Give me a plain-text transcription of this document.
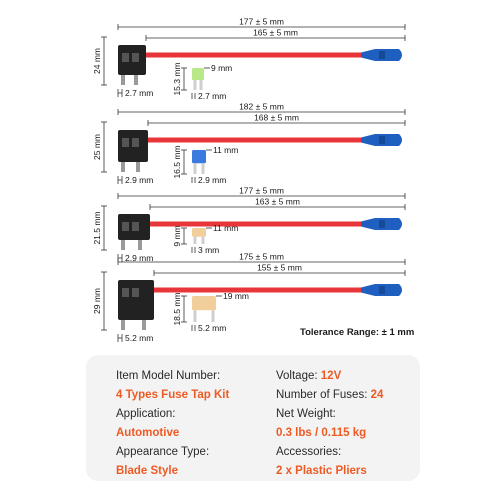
177 ± 5 mm
165 ± 5 mm
24 mm
2.7 mm
9 mm
15.3 mm
2.7 mm
182 ± 5 mm
168 ± 5 mm
25 mm
2.9 mm
11 mm
16.5 mm
2.9 mm
177 ± 5 mm
163 ± 5 mm
21.5 mm
2.9 mm
11 mm
9 mm
3 mm
175 ± 5 mm
155 ± 5 mm
29 mm
5.2 mm
19 mm
18.5 mm
5.2 mm	Tolerance Range: ± 1 mm
Item Model Number:
4 Types Fuse Tap Kit
Application:
Automotive
Appearance Type:
Blade Style
Voltage: 12V
Number of Fuses: 24
Net Weight:
0.3 lbs / 0.115 kg
Accessories:
2 x Plastic Pliers
